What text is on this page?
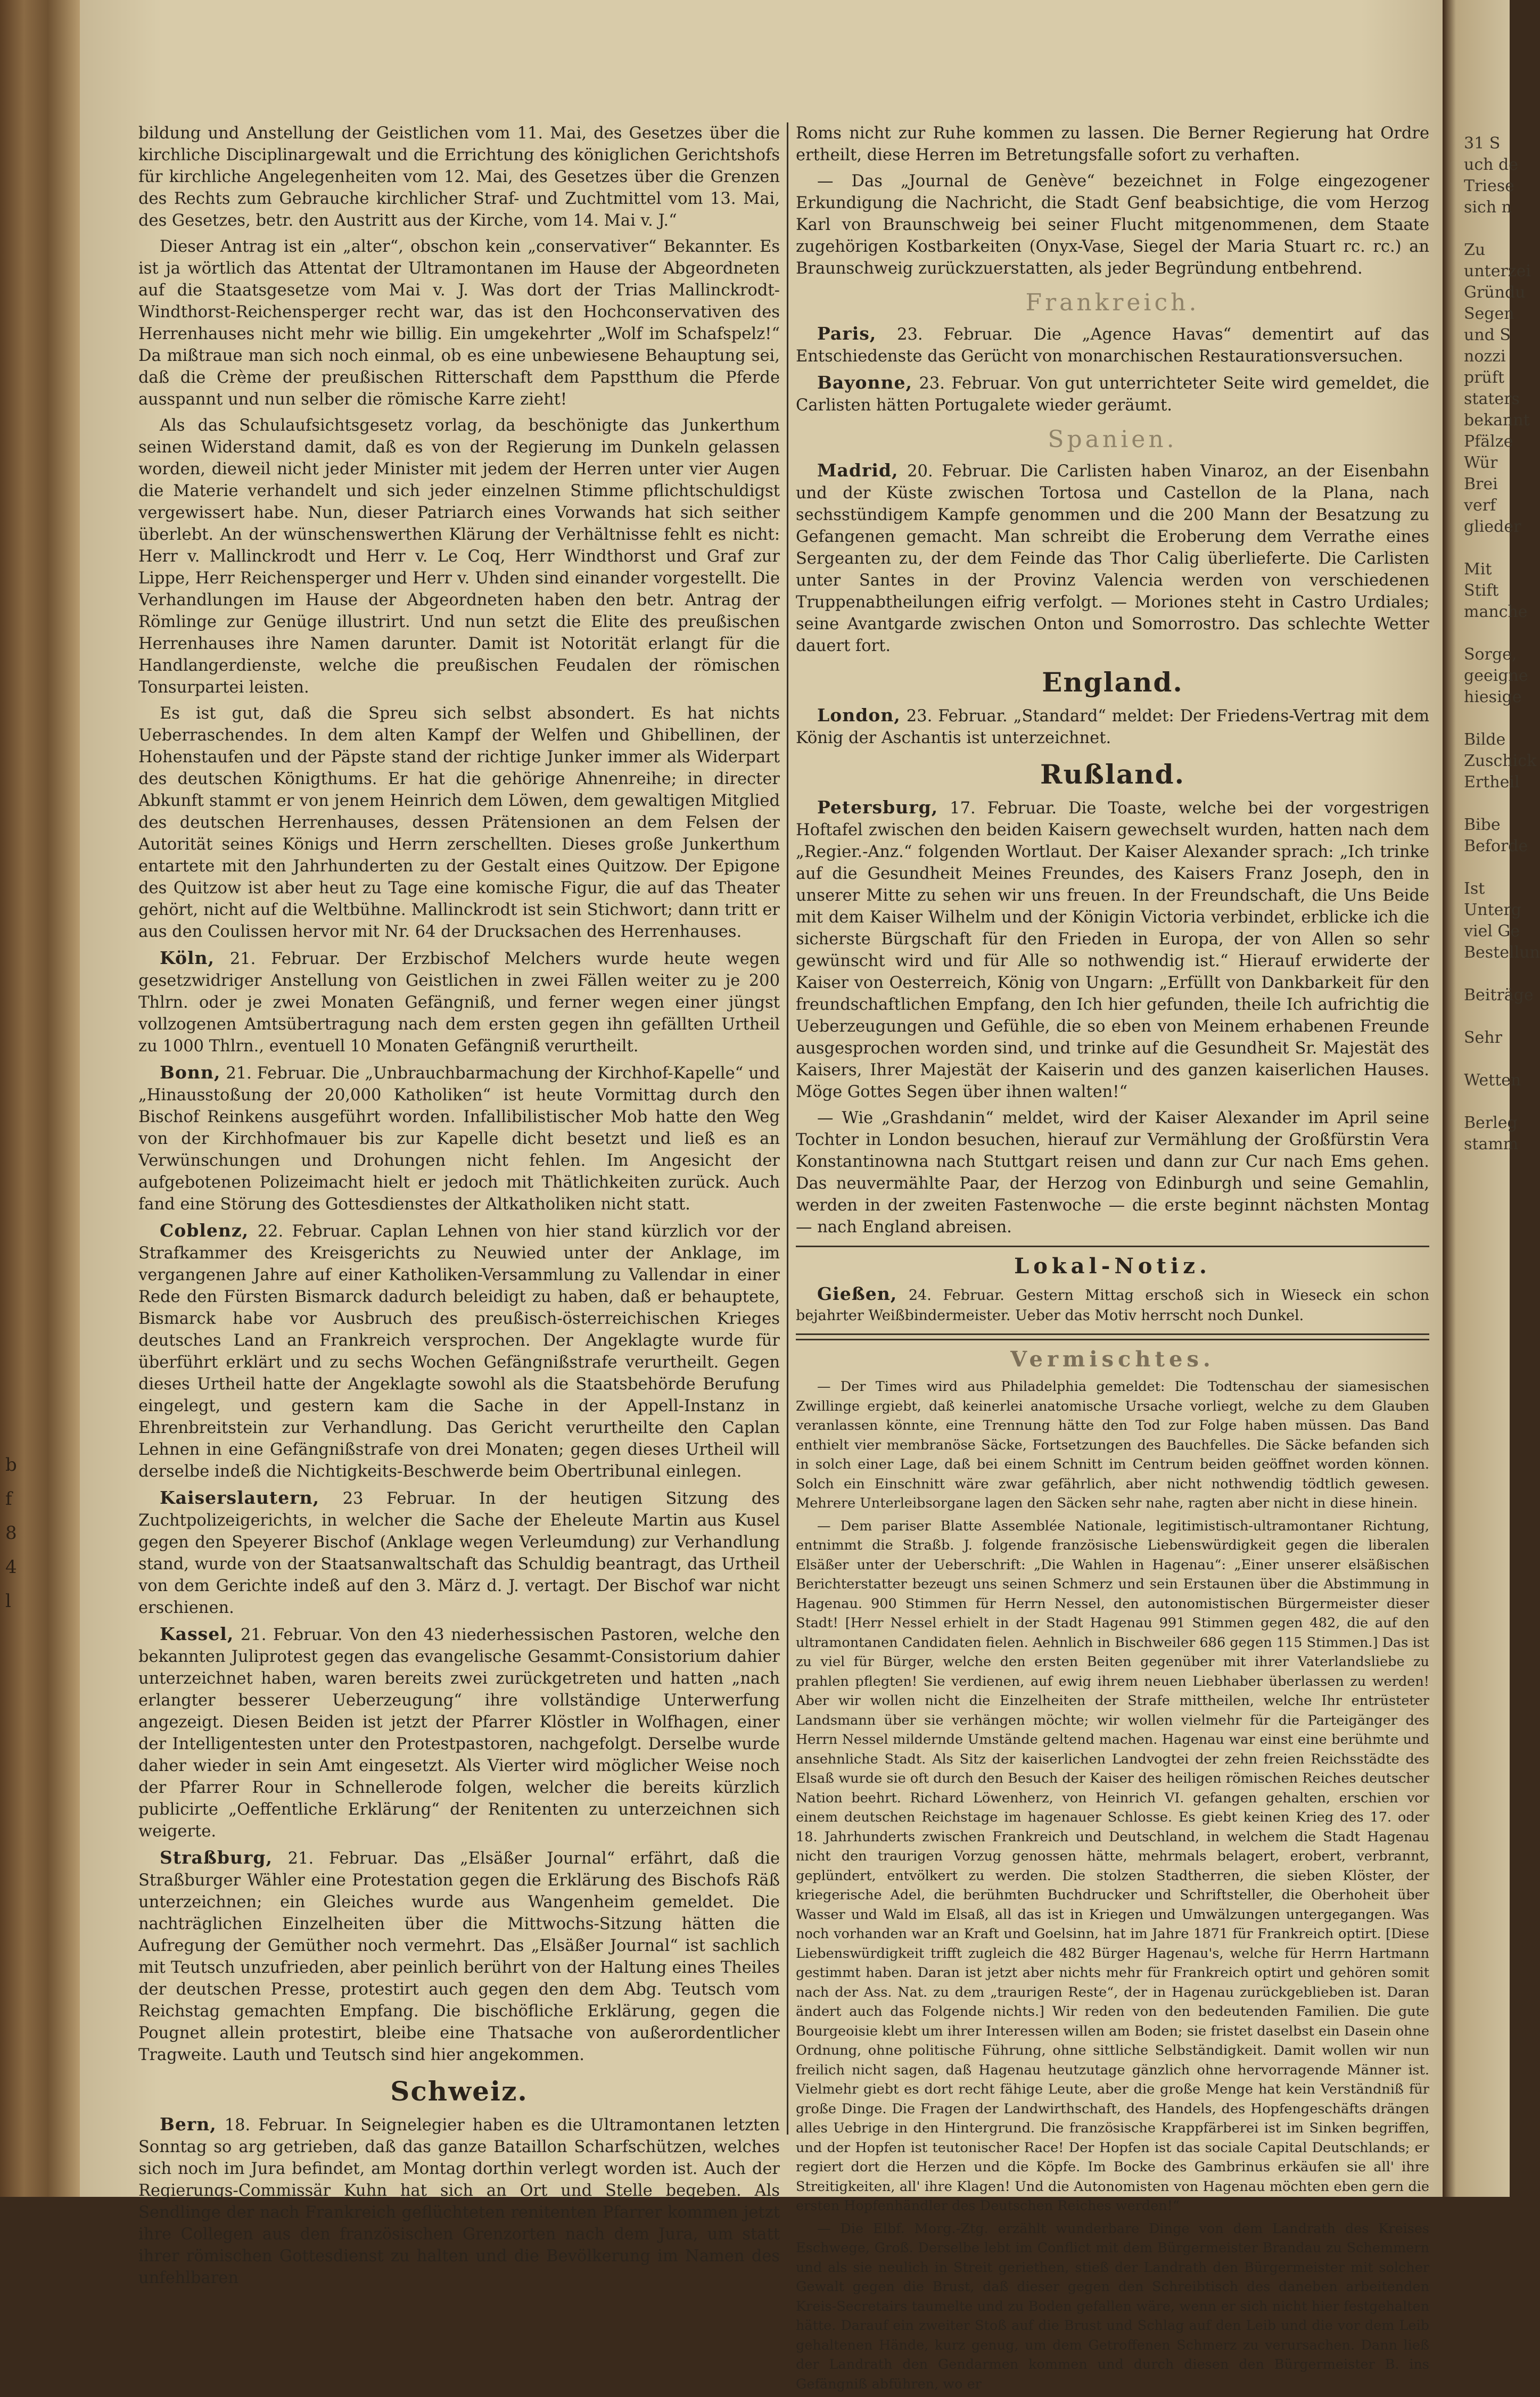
b
f
8
4
l
31 S
uch de
Triese
sich n

Zu
unterzei
Gründu
Segen
und S
nozzi
prüft
staters
bekannt
Pfälze
Wür
Brei
verf
glieder

Mit
Stift
manche

Sorge,
geeigne
hiesige

Bilde
Zuschick
Ertheil

Bibe
Beforde

Ist
Unterg
viel Ge
Bestellun

Beiträge

Sehr

Wetten

Berleg
stamm

bildung und Anstellung der Geistlichen vom 11. Mai, des Gesetzes über die kirchliche Disciplinargewalt und die Errichtung des königlichen Gerichtshofs für kirchliche Angelegenheiten vom 12. Mai, des Gesetzes über die Grenzen des Rechts zum Gebrauche kirchlicher Straf- und Zuchtmittel vom 13. Mai, des Gesetzes, betr. den Austritt aus der Kirche, vom 14. Mai v. J.“

Dieser Antrag ist ein „alter“, obschon kein „conservativer“ Bekannter. Es ist ja wörtlich das Attentat der Ultramontanen im Hause der Abgeordneten auf die Staatsgesetze vom Mai v. J. Was dort der Trias Mallinckrodt-Windthorst-Reichensperger recht war, das ist den Hochconservativen des Herrenhauses nicht mehr wie billig. Ein umgekehrter „Wolf im Schafspelz!“ Da mißtraue man sich noch einmal, ob es eine unbewiesene Behauptung sei, daß die Crème der preußischen Ritterschaft dem Papstthum die Pferde ausspannt und nun selber die römische Karre zieht!

Als das Schulaufsichtsgesetz vorlag, da beschönigte das Junkerthum seinen Widerstand damit, daß es von der Regierung im Dunkeln gelassen worden, dieweil nicht jeder Minister mit jedem der Herren unter vier Augen die Materie verhandelt und sich jeder einzelnen Stimme pflichtschuldigst vergewissert habe. Nun, dieser Patriarch eines Vorwands hat sich seither überlebt. An der wünschenswerthen Klärung der Verhältnisse fehlt es nicht: Herr v. Mallinckrodt und Herr v. Le Coq, Herr Windthorst und Graf zur Lippe, Herr Reichensperger und Herr v. Uhden sind einander vorgestellt. Die Verhandlungen im Hause der Abgeordneten haben den betr. Antrag der Römlinge zur Genüge illustrirt. Und nun setzt die Elite des preußischen Herrenhauses ihre Namen darunter. Damit ist Notorität erlangt für die Handlangerdienste, welche die preußischen Feudalen der römischen Tonsurpartei leisten.

Es ist gut, daß die Spreu sich selbst absondert. Es hat nichts Ueberraschendes. In dem alten Kampf der Welfen und Ghibellinen, der Hohenstaufen und der Päpste stand der richtige Junker immer als Widerpart des deutschen Königthums. Er hat die gehörige Ahnenreihe; in directer Abkunft stammt er von jenem Heinrich dem Löwen, dem gewaltigen Mitglied des deutschen Herrenhauses, dessen Prätensionen an dem Felsen der Autorität seines Königs und Herrn zerschellten. Dieses große Junkerthum entartete mit den Jahrhunderten zu der Gestalt eines Quitzow. Der Epigone des Quitzow ist aber heut zu Tage eine komische Figur, die auf das Theater gehört, nicht auf die Weltbühne. Mallinckrodt ist sein Stichwort; dann tritt er aus den Coulissen hervor mit Nr. 64 der Drucksachen des Herrenhauses.

Köln, 21. Februar. Der Erzbischof Melchers wurde heute wegen gesetzwidriger Anstellung von Geistlichen in zwei Fällen weiter zu je 200 Thlrn. oder je zwei Monaten Gefängniß, und ferner wegen einer jüngst vollzogenen Amtsübertragung nach dem ersten gegen ihn gefällten Urtheil zu 1000 Thlrn., eventuell 10 Monaten Gefängniß verurtheilt.

Bonn, 21. Februar. Die „Unbrauchbarmachung der Kirchhof-Kapelle“ und „Hinausstoßung der 20,000 Katholiken“ ist heute Vormittag durch den Bischof Reinkens ausgeführt worden. Infallibilistischer Mob hatte den Weg von der Kirchhofmauer bis zur Kapelle dicht besetzt und ließ es an Verwünschungen und Drohungen nicht fehlen. Im Angesicht der aufgebotenen Polizeimacht hielt er jedoch mit Thätlichkeiten zurück. Auch fand eine Störung des Gottesdienstes der Altkatholiken nicht statt.

Coblenz, 22. Februar. Caplan Lehnen von hier stand kürzlich vor der Strafkammer des Kreisgerichts zu Neuwied unter der Anklage, im vergangenen Jahre auf einer Katholiken-Versammlung zu Vallendar in einer Rede den Fürsten Bismarck dadurch beleidigt zu haben, daß er behauptete, Bismarck habe vor Ausbruch des preußisch-österreichischen Krieges deutsches Land an Frankreich versprochen. Der Angeklagte wurde für überführt erklärt und zu sechs Wochen Gefängnißstrafe verurtheilt. Gegen dieses Urtheil hatte der Angeklagte sowohl als die Staatsbehörde Berufung eingelegt, und gestern kam die Sache in der Appell-Instanz in Ehrenbreitstein zur Verhandlung. Das Gericht verurtheilte den Caplan Lehnen in eine Gefängnißstrafe von drei Monaten; gegen dieses Urtheil will derselbe indeß die Nichtigkeits-Beschwerde beim Obertribunal einlegen.

Kaiserslautern, 23 Februar. In der heutigen Sitzung des Zuchtpolizeigerichts, in welcher die Sache der Eheleute Martin aus Kusel gegen den Speyerer Bischof (Anklage wegen Verleumdung) zur Verhandlung stand, wurde von der Staatsanwaltschaft das Schuldig beantragt, das Urtheil von dem Gerichte indeß auf den 3. März d. J. vertagt. Der Bischof war nicht erschienen.

Kassel, 21. Februar. Von den 43 niederhessischen Pastoren, welche den bekannten Juliprotest gegen das evangelische Gesammt-Consistorium dahier unterzeichnet haben, waren bereits zwei zurückgetreten und hatten „nach erlangter besserer Ueberzeugung“ ihre vollständige Unterwerfung angezeigt. Diesen Beiden ist jetzt der Pfarrer Klöstler in Wolfhagen, einer der Intelligentesten unter den Protestpastoren, nachgefolgt. Derselbe wurde daher wieder in sein Amt eingesetzt. Als Vierter wird möglicher Weise noch der Pfarrer Rour in Schnellerode folgen, welcher die bereits kürzlich publicirte „Oeffentliche Erklärung“ der Renitenten zu unterzeichnen sich weigerte.

Straßburg, 21. Februar. Das „Elsäßer Journal“ erfährt, daß die Straßburger Wähler eine Protestation gegen die Erklärung des Bischofs Räß unterzeichnen; ein Gleiches wurde aus Wangenheim gemeldet. Die nachträglichen Einzelheiten über die Mittwochs-Sitzung hätten die Aufregung der Gemüther noch vermehrt. Das „Elsäßer Journal“ ist sachlich mit Teutsch unzufrieden, aber peinlich berührt von der Haltung eines Theiles der deutschen Presse, protestirt auch gegen den dem Abg. Teutsch vom Reichstag gemachten Empfang. Die bischöfliche Erklärung, gegen die Pougnet allein protestirt, bleibe eine Thatsache von außerordentlicher Tragweite. Lauth und Teutsch sind hier angekommen.

Schweiz.

Bern, 18. Februar. In Seignelegier haben es die Ultramontanen letzten Sonntag so arg getrieben, daß das ganze Bataillon Scharfschützen, welches sich noch im Jura befindet, am Montag dorthin verlegt worden ist. Auch der Regierungs-Commissär Kuhn hat sich an Ort und Stelle begeben. Als Sendlinge der nach Frankreich geflüchteten renitenten Pfarrer kommen jetzt ihre Collegen aus den französischen Grenzorten nach dem Jura, um statt ihrer römischen Gottesdienst zu halten und die Bevölkerung im Namen des unfehlbaren

Roms nicht zur Ruhe kommen zu lassen. Die Berner Regierung hat Ordre ertheilt, diese Herren im Betretungsfalle sofort zu verhaften.

— Das „Journal de Genève“ bezeichnet in Folge eingezogener Erkundigung die Nachricht, die Stadt Genf beabsichtige, die vom Herzog Karl von Braunschweig bei seiner Flucht mitgenommenen, dem Staate zugehörigen Kostbarkeiten (Onyx-Vase, Siegel der Maria Stuart rc. rc.) an Braunschweig zurückzuerstatten, als jeder Begründung entbehrend.

Frankreich.

Paris, 23. Februar. Die „Agence Havas“ dementirt auf das Entschiedenste das Gerücht von monarchischen Restaurationsversuchen.

Bayonne, 23. Februar. Von gut unterrichteter Seite wird gemeldet, die Carlisten hätten Portugalete wieder geräumt.

Spanien.

Madrid, 20. Februar. Die Carlisten haben Vinaroz, an der Eisenbahn und der Küste zwischen Tortosa und Castellon de la Plana, nach sechsstündigem Kampfe genommen und die 200 Mann der Besatzung zu Gefangenen gemacht. Man schreibt die Eroberung dem Verrathe eines Sergeanten zu, der dem Feinde das Thor Calig überlieferte. Die Carlisten unter Santes in der Provinz Valencia werden von verschiedenen Truppenabtheilungen eifrig verfolgt. — Moriones steht in Castro Urdiales; seine Avantgarde zwischen Onton und Somorrostro. Das schlechte Wetter dauert fort.

England.

London, 23. Februar. „Standard“ meldet: Der Friedens-Vertrag mit dem König der Aschantis ist unterzeichnet.

Rußland.

Petersburg, 17. Februar. Die Toaste, welche bei der vorgestrigen Hoftafel zwischen den beiden Kaisern gewechselt wurden, hatten nach dem „Regier.-Anz.“ folgenden Wortlaut. Der Kaiser Alexander sprach: „Ich trinke auf die Gesundheit Meines Freundes, des Kaisers Franz Joseph, den in unserer Mitte zu sehen wir uns freuen. In der Freundschaft, die Uns Beide mit dem Kaiser Wilhelm und der Königin Victoria verbindet, erblicke ich die sicherste Bürgschaft für den Frieden in Europa, der von Allen so sehr gewünscht wird und für Alle so nothwendig ist.“ Hierauf erwiderte der Kaiser von Oesterreich, König von Ungarn: „Erfüllt von Dankbarkeit für den freundschaftlichen Empfang, den Ich hier gefunden, theile Ich aufrichtig die Ueberzeugungen und Gefühle, die so eben von Meinem erhabenen Freunde ausgesprochen worden sind, und trinke auf die Gesundheit Sr. Majestät des Kaisers, Ihrer Majestät der Kaiserin und des ganzen kaiserlichen Hauses. Möge Gottes Segen über ihnen walten!“

— Wie „Grashdanin“ meldet, wird der Kaiser Alexander im April seine Tochter in London besuchen, hierauf zur Vermählung der Großfürstin Vera Konstantinowna nach Stuttgart reisen und dann zur Cur nach Ems gehen. Das neuvermählte Paar, der Herzog von Edinburgh und seine Gemahlin, werden in der zweiten Fastenwoche — die erste beginnt nächsten Montag — nach England abreisen.

Lokal-Notiz.

Gießen, 24. Februar. Gestern Mittag erschoß sich in Wieseck ein schon bejahrter Weißbindermeister. Ueber das Motiv herrscht noch Dunkel.

Vermischtes.

— Der Times wird aus Philadelphia gemeldet: Die Todtenschau der siamesischen Zwillinge ergiebt, daß keinerlei anatomische Ursache vorliegt, welche zu dem Glauben veranlassen könnte, eine Trennung hätte den Tod zur Folge haben müssen. Das Band enthielt vier membranöse Säcke, Fortsetzungen des Bauchfelles. Die Säcke befanden sich in solch einer Lage, daß bei einem Schnitt im Centrum beiden geöffnet worden können. Solch ein Einschnitt wäre zwar gefährlich, aber nicht nothwendig tödtlich gewesen. Mehrere Unterleibsorgane lagen den Säcken sehr nahe, ragten aber nicht in diese hinein.

— Dem pariser Blatte Assemblée Nationale, legitimistisch-ultramontaner Richtung, entnimmt die Straßb. J. folgende französische Liebenswürdigkeit gegen die liberalen Elsäßer unter der Ueberschrift: „Die Wahlen in Hagenau“: „Einer unserer elsäßischen Berichterstatter bezeugt uns seinen Schmerz und sein Erstaunen über die Abstimmung in Hagenau. 900 Stimmen für Herrn Nessel, den autonomistischen Bürgermeister dieser Stadt! [Herr Nessel erhielt in der Stadt Hagenau 991 Stimmen gegen 482, die auf den ultramontanen Candidaten fielen. Aehnlich in Bischweiler 686 gegen 115 Stimmen.] Das ist zu viel für Bürger, welche den ersten Beiten gegenüber mit ihrer Vaterlandsliebe zu prahlen pflegten! Sie verdienen, auf ewig ihrem neuen Liebhaber überlassen zu werden! Aber wir wollen nicht die Einzelheiten der Strafe mittheilen, welche Ihr entrüsteter Landsmann über sie verhängen möchte; wir wollen vielmehr für die Parteigänger des Herrn Nessel mildernde Umstände geltend machen. Hagenau war einst eine berühmte und ansehnliche Stadt. Als Sitz der kaiserlichen Landvogtei der zehn freien Reichsstädte des Elsaß wurde sie oft durch den Besuch der Kaiser des heiligen römischen Reiches deutscher Nation beehrt. Richard Löwenherz, von Heinrich VI. gefangen gehalten, erschien vor einem deutschen Reichstage im hagenauer Schlosse. Es giebt keinen Krieg des 17. oder 18. Jahrhunderts zwischen Frankreich und Deutschland, in welchem die Stadt Hagenau nicht den traurigen Vorzug genossen hätte, mehrmals belagert, erobert, verbrannt, geplündert, entvölkert zu werden. Die stolzen Stadtherren, die sieben Klöster, der kriegerische Adel, die berühmten Buchdrucker und Schriftsteller, die Oberhoheit über Wasser und Wald im Elsaß, all das ist in Kriegen und Umwälzungen untergegangen. Was noch vorhanden war an Kraft und Goelsinn, hat im Jahre 1871 für Frankreich optirt. [Diese Liebenswürdigkeit trifft zugleich die 482 Bürger Hagenau's, welche für Herrn Hartmann gestimmt haben. Daran ist jetzt aber nichts mehr für Frankreich optirt und gehören somit nach der Ass. Nat. zu dem „traurigen Reste“, der in Hagenau zurückgeblieben ist. Daran ändert auch das Folgende nichts.] Wir reden von den bedeutenden Familien. Die gute Bourgeoisie klebt um ihrer Interessen willen am Boden; sie fristet daselbst ein Dasein ohne Ordnung, ohne politische Führung, ohne sittliche Selbständigkeit. Damit wollen wir nun freilich nicht sagen, daß Hagenau heutzutage gänzlich ohne hervorragende Männer ist. Vielmehr giebt es dort recht fähige Leute, aber die große Menge hat kein Verständniß für große Dinge. Die Fragen der Landwirthschaft, des Handels, des Hopfengeschäfts drängen alles Uebrige in den Hintergrund. Die französische Krappfärberei ist im Sinken begriffen, und der Hopfen ist teutonischer Race! Der Hopfen ist das sociale Capital Deutschlands; er regiert dort die Herzen und die Köpfe. Im Bocke des Gambrinus erkäufen sie all' ihre Streitigkeiten, all' ihre Klagen! Und die Autonomisten von Hagenau möchten eben gern die ersten Hopfenhändler des Deutschen Reiches werden!“

— Die Elbf. Morg.-Ztg. erzählt wunderbare Dinge von dem Landrath des Kreises Eschwege, Groß. Derselbe lebt im Conflict mit dem Bürgermeister Brandau zu Schemmern und als sie neulich in Streit geriethen, stieß der Landrath den Bürgermeister mit solcher Gewalt gegen die Brust, daß dieser gegen den Schreibtisch des daneben arbeitenden Kreis-Secretairs taumelte und zu Boden gefallen wäre, wenn er sich nicht hier festgehalten hätte. Darauf ein zweiter Stoß auf die Brust und Schlag auf den Leib und die vor dem Leib gehaltenen Hände, kurz genug, um dem Getroffenen Schmerz zu verursachen. Dann ließ der Landrath den Gendarmen kommen und durch diesen den Bürgermeister B. ins Gefängniß abführen, wo er
